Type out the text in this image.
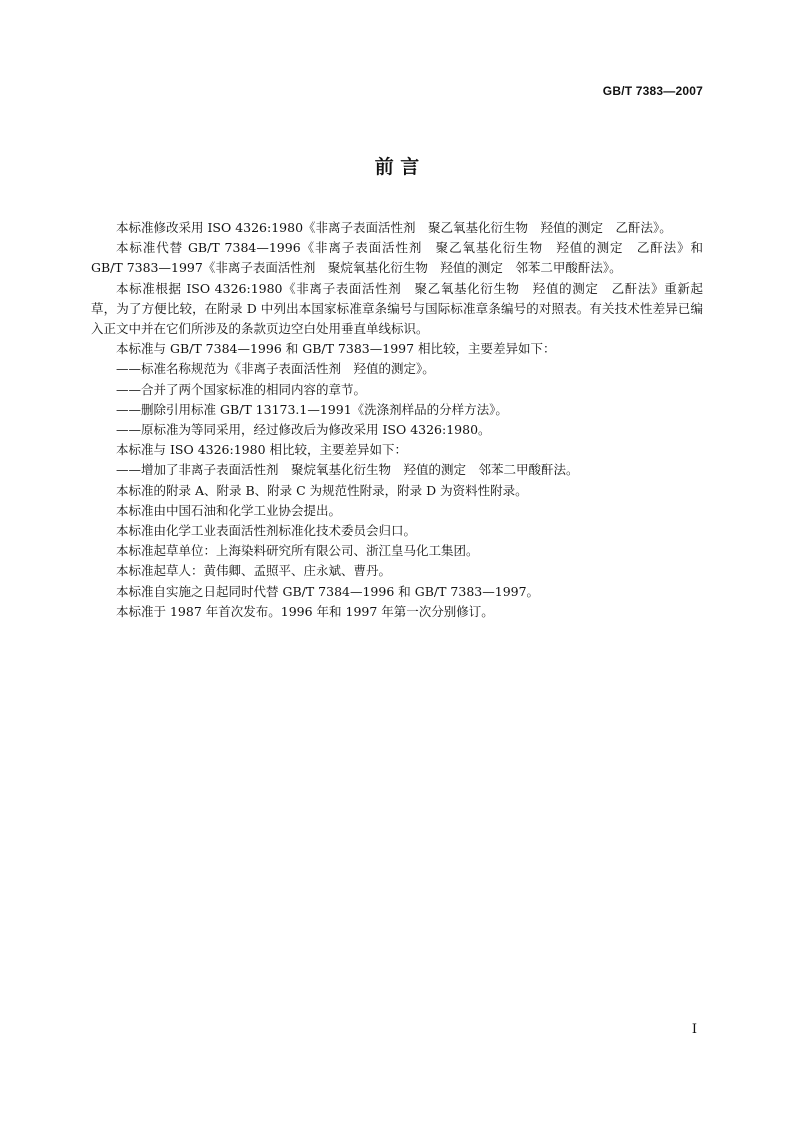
GB/T 7383—2007
前 言

本标准修改采用 ISO 4326:1980《非离子表面活性剂　聚乙氧基化衍生物　羟值的测定　乙酐法》。

本标准代替 GB/T 7384—1996《非离子表面活性剂　聚乙氧基化衍生物　羟值的测定　乙酐法》和 GB/T 7383—1997《非离子表面活性剂　聚烷氧基化衍生物　羟值的测定　邻苯二甲酸酐法》。

本标准根据 ISO 4326:1980《非离子表面活性剂　聚乙氧基化衍生物　羟值的测定　乙酐法》重新起草，为了方便比较，在附录 D 中列出本国家标准章条编号与国际标准章条编号的对照表。有关技术性差异已编入正文中并在它们所涉及的条款页边空白处用垂直单线标识。

本标准与 GB/T 7384—1996 和 GB/T 7383—1997 相比较，主要差异如下：

——标准名称规范为《非离子表面活性剂　羟值的测定》。

——合并了两个国家标准的相同内容的章节。

——删除引用标准 GB/T 13173.1—1991《洗涤剂样品的分样方法》。

——原标准为等同采用，经过修改后为修改采用 ISO 4326:1980。

本标准与 ISO 4326:1980 相比较，主要差异如下：

——增加了非离子表面活性剂　聚烷氧基化衍生物　羟值的测定　邻苯二甲酸酐法。

本标准的附录 A、附录 B、附录 C 为规范性附录，附录 D 为资料性附录。

本标准由中国石油和化学工业协会提出。

本标准由化学工业表面活性剂标准化技术委员会归口。

本标准起草单位：上海染料研究所有限公司、浙江皇马化工集团。

本标准起草人：黄伟卿、孟照平、庄永斌、曹丹。

本标准自实施之日起同时代替 GB/T 7384—1996 和 GB/T 7383—1997。

本标准于 1987 年首次发布。1996 年和 1997 年第一次分别修订。

I
